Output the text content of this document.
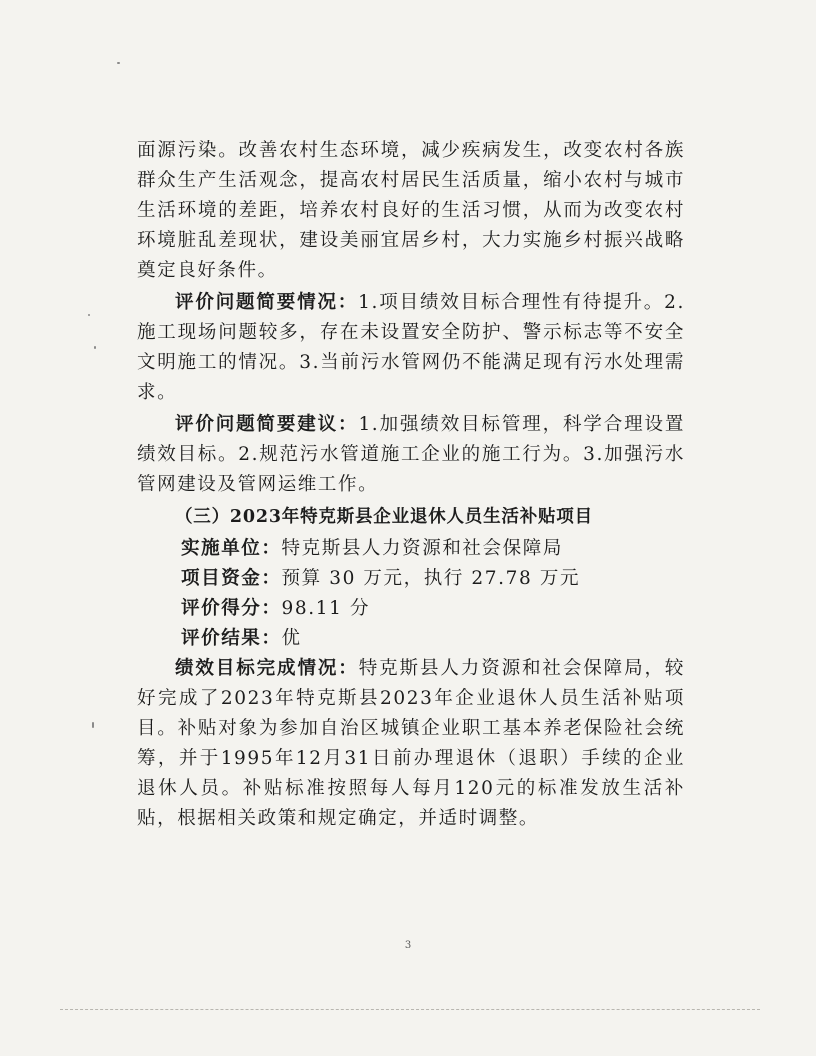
面源污染。改善农村生态环境，减少疾病发生，改变农村各族群众生产生活观念，提高农村居民生活质量，缩小农村与城市生活环境的差距，培养农村良好的生活习惯，从而为改变农村环境脏乱差现状，建设美丽宜居乡村，大力实施乡村振兴战略奠定良好条件。

评价问题简要情况：1.项目绩效目标合理性有待提升。2.施工现场问题较多，存在未设置安全防护、警示标志等不安全文明施工的情况。3.当前污水管网仍不能满足现有污水处理需求。

评价问题简要建议：1.加强绩效目标管理，科学合理设置绩效目标。2.规范污水管道施工企业的施工行为。3.加强污水管网建设及管网运维工作。

（三）2023年特克斯县企业退休人员生活补贴项目

实施单位：特克斯县人力资源和社会保障局

项目资金：预算 30 万元，执行 27.78 万元

评价得分：98.11 分

评价结果：优

绩效目标完成情况：特克斯县人力资源和社会保障局，较好完成了2023年特克斯县2023年企业退休人员生活补贴项目。补贴对象为参加自治区城镇企业职工基本养老保险社会统筹，并于1995年12月31日前办理退休（退职）手续的企业退休人员。补贴标准按照每人每月120元的标准发放生活补贴，根据相关政策和规定确定，并适时调整。

3
